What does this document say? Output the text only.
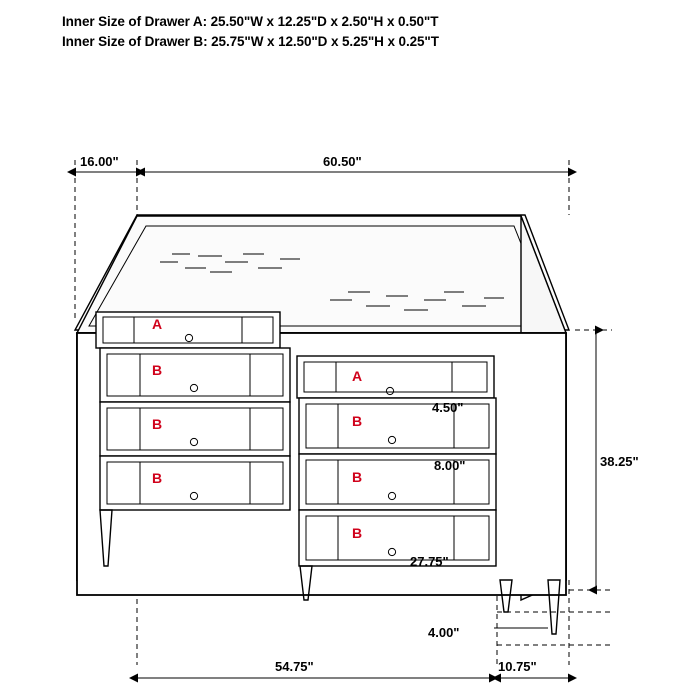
Inner Size of Drawer A: 25.50"W x 12.25"D x 2.50"H x 0.50"T
Inner Size of Drawer B: 25.75"W x 12.50"D x 5.25"H x 0.25"T
16.00"	60.50"
A
B
B
B
A
B
B
B
4.50"
8.00"
27.75"
38.25"
4.00"
54.75"	10.75"
